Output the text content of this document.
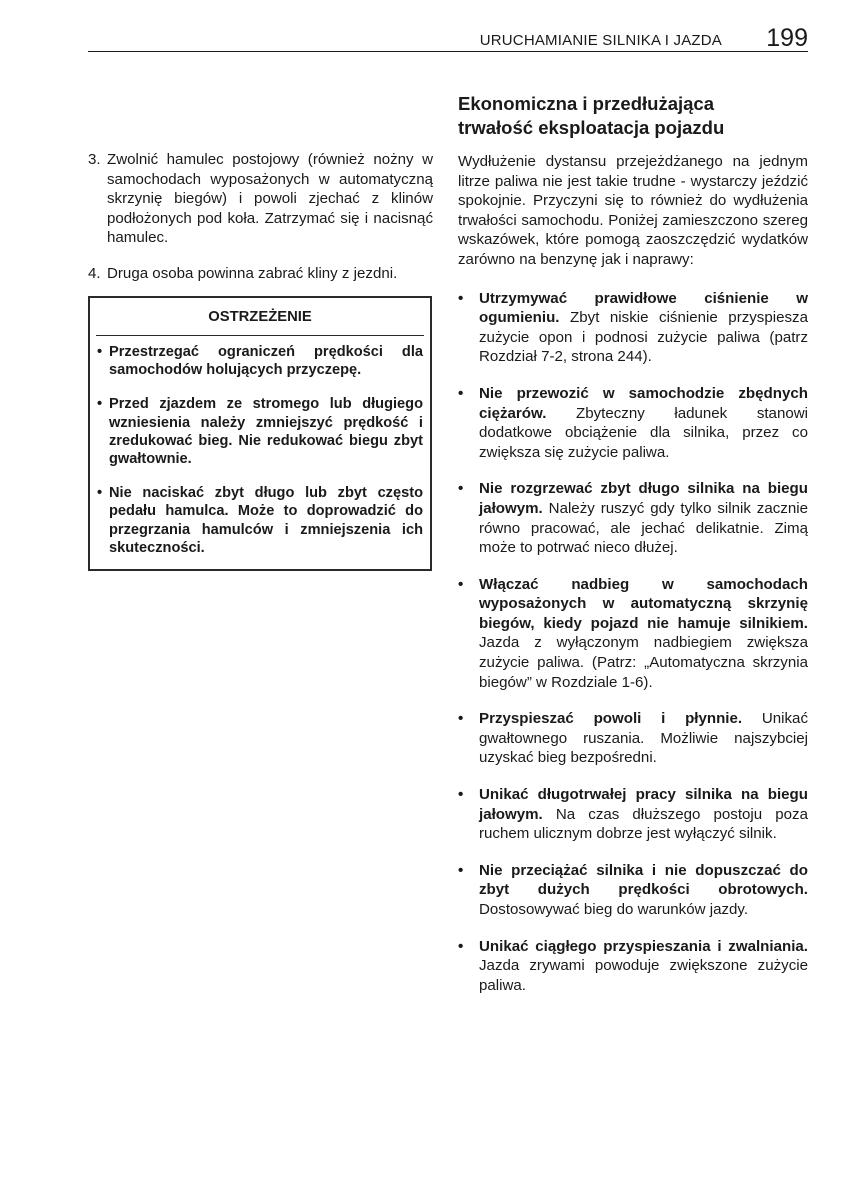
URUCHAMIANIE SILNIKA I JAZDA 199
3. Zwolnić hamulec postojowy (również nożny w samochodach wyposażonych w automatyczną skrzynię biegów) i powoli zjechać z klinów podłożonych pod koła. Zatrzymać się i nacisnąć hamulec.
4. Druga osoba powinna zabrać kliny z jezdni.
OSTRZEŻENIE
• Przestrzegać ograniczeń prędkości dla samochodów holujących przyczepę.
• Przed zjazdem ze stromego lub długiego wzniesienia należy zmniejszyć prędkość i zredukować bieg. Nie redukować biegu zbyt gwałtownie.
• Nie naciskać zbyt długo lub zbyt często pedału hamulca. Może to doprowadzić do przegrzania hamulców i zmniejszenia ich skuteczności.
Ekonomiczna i przedłużająca
trwałość eksploatacja pojazdu

Wydłużenie dystansu przejeżdżanego na jednym litrze paliwa nie jest takie trudne - wystarczy jeździć spokojnie. Przyczyni się to również do wydłużenia trwałości samochodu. Poniżej zamieszczono szereg wskazówek, które pomogą zaoszczędzić wydatków zarówno na benzynę jak i naprawy:

• Utrzymywać prawidłowe ciśnienie w ogumieniu. Zbyt niskie ciśnienie przyspiesza zużycie opon i podnosi zużycie paliwa (patrz Rozdział 7-2, strona 244).
• Nie przewozić w samochodzie zbędnych ciężarów. Zbyteczny ładunek stanowi dodatkowe obciążenie dla silnika, przez co zwiększa się zużycie paliwa.
• Nie rozgrzewać zbyt długo silnika na biegu jałowym. Należy ruszyć gdy tylko silnik zacznie równo pracować, ale jechać delikatnie. Zimą może to potrwać nieco dłużej.
• Włączać nadbieg w samochodach wyposażonych w automatyczną skrzynię biegów, kiedy pojazd nie hamuje silnikiem. Jazda z wyłączonym nadbiegiem zwiększa zużycie paliwa. (Patrz: „Automatyczna skrzynia biegów” w Rozdziale 1-6).
• Przyspieszać powoli i płynnie. Unikać gwałtownego ruszania. Możliwie najszybciej uzyskać bieg bezpośredni.
• Unikać długotrwałej pracy silnika na biegu jałowym. Na czas dłuższego postoju poza ruchem ulicznym dobrze jest wyłączyć silnik.
• Nie przeciążać silnika i nie dopuszczać do zbyt dużych prędkości obrotowych. Dostosowywać bieg do warunków jazdy.
• Unikać ciągłego przyspieszania i zwalniania. Jazda zrywami powoduje zwiększone zużycie paliwa.
